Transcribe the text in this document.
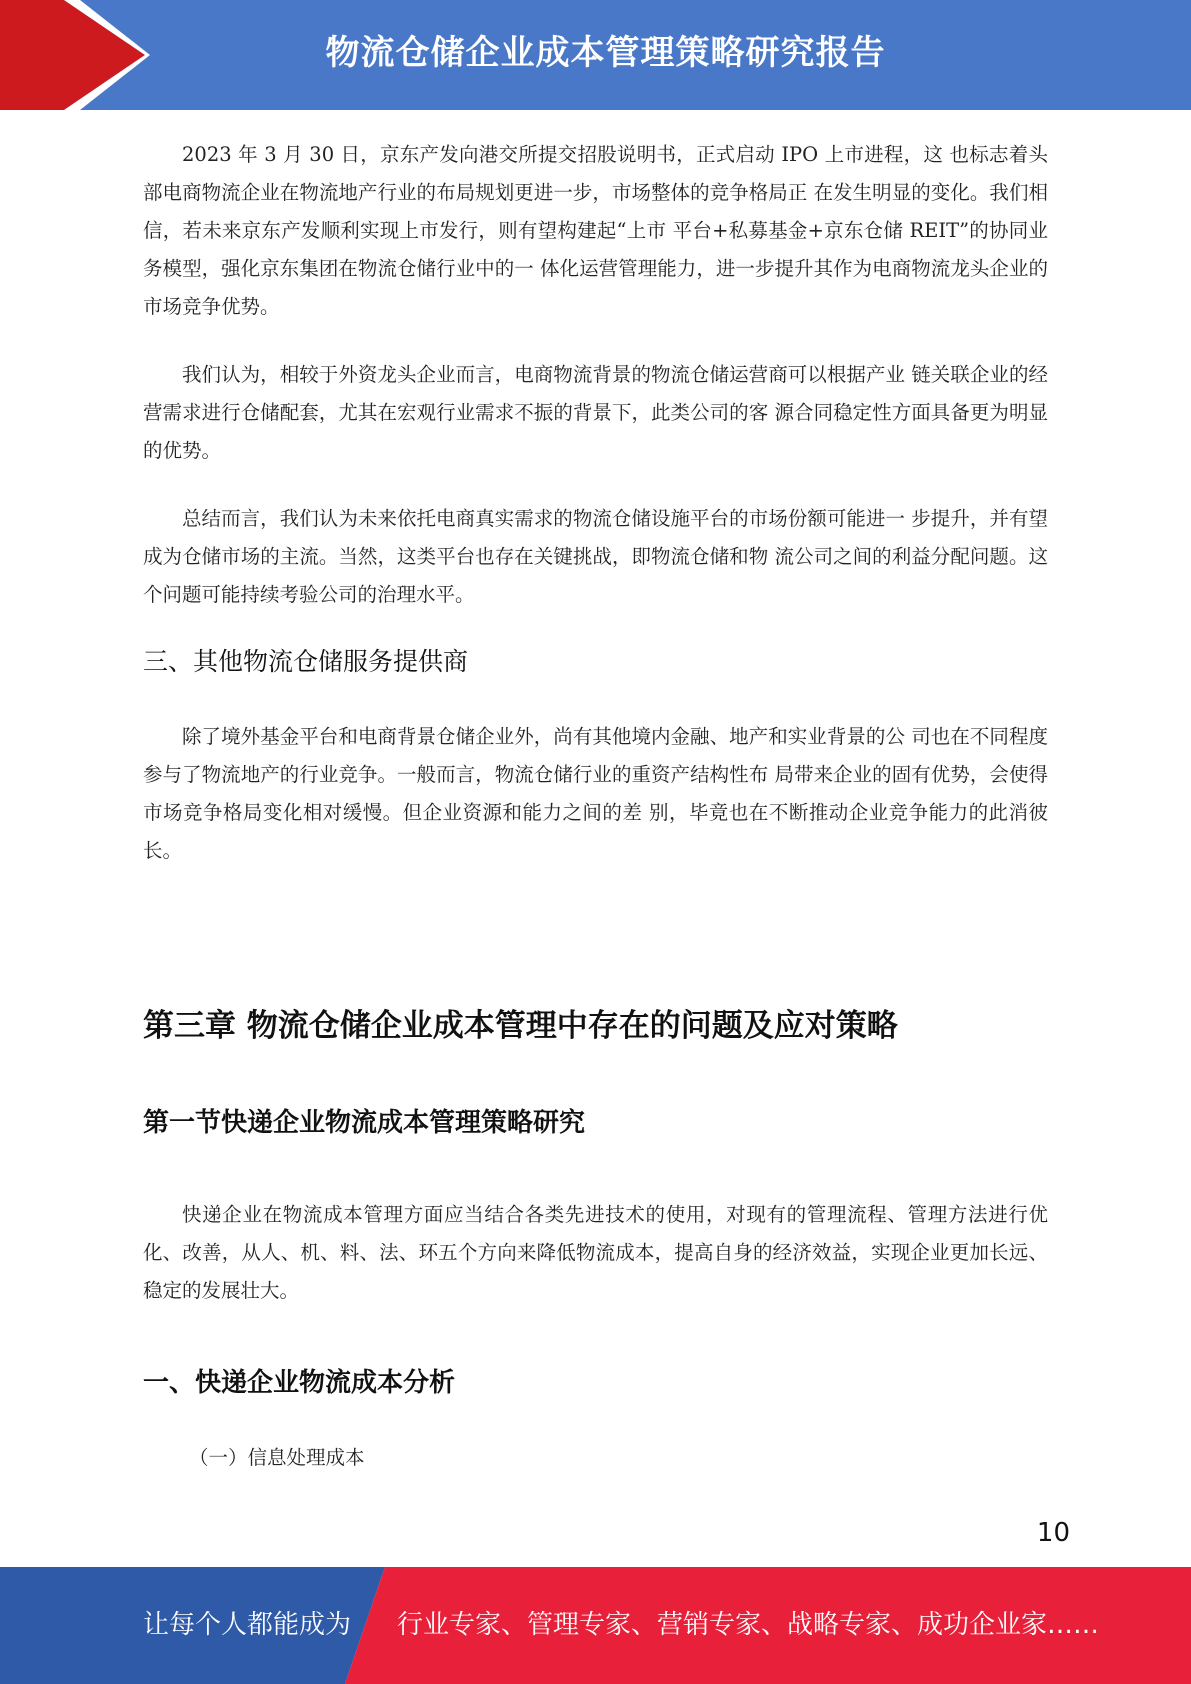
物流仓储企业成本管理策略研究报告

2023 年 3 月 30 日，京东产发向港交所提交招股说明书，正式启动 IPO 上市进程，这 也标志着头部电商物流企业在物流地产行业的布局规划更进一步，市场整体的竞争格局正 在发生明显的变化。我们相信，若未来京东产发顺利实现上市发行，则有望构建起“上市 平台+私募基金+京东仓储 REIT”的协同业务模型，强化京东集团在物流仓储行业中的一 体化运营管理能力，进一步提升其作为电商物流龙头企业的市场竞争优势。

我们认为，相较于外资龙头企业而言，电商物流背景的物流仓储运营商可以根据产业 链关联企业的经营需求进行仓储配套，尤其在宏观行业需求不振的背景下，此类公司的客 源合同稳定性方面具备更为明显的优势。

总结而言，我们认为未来依托电商真实需求的物流仓储设施平台的市场份额可能进一 步提升，并有望成为仓储市场的主流。当然，这类平台也存在关键挑战，即物流仓储和物 流公司之间的利益分配问题。这个问题可能持续考验公司的治理水平。

三、其他物流仓储服务提供商

除了境外基金平台和电商背景仓储企业外，尚有其他境内金融、地产和实业背景的公 司也在不同程度参与了物流地产的行业竞争。一般而言，物流仓储行业的重资产结构性布 局带来企业的固有优势，会使得市场竞争格局变化相对缓慢。但企业资源和能力之间的差 别，毕竟也在不断推动企业竞争能力的此消彼长。

第三章 物流仓储企业成本管理中存在的问题及应对策略
第一节快递企业物流成本管理策略研究

快递企业在物流成本管理方面应当结合各类先进技术的使用，对现有的管理流程、管理方法进行优化、改善，从人、机、料、法、环五个方向来降低物流成本，提高自身的经济效益，实现企业更加长远、稳定的发展壮大。

一、快递企业物流成本分析

（一）信息处理成本

10
让每个人都能成为 行业专家、管理专家、营销专家、战略专家、成功企业家……
